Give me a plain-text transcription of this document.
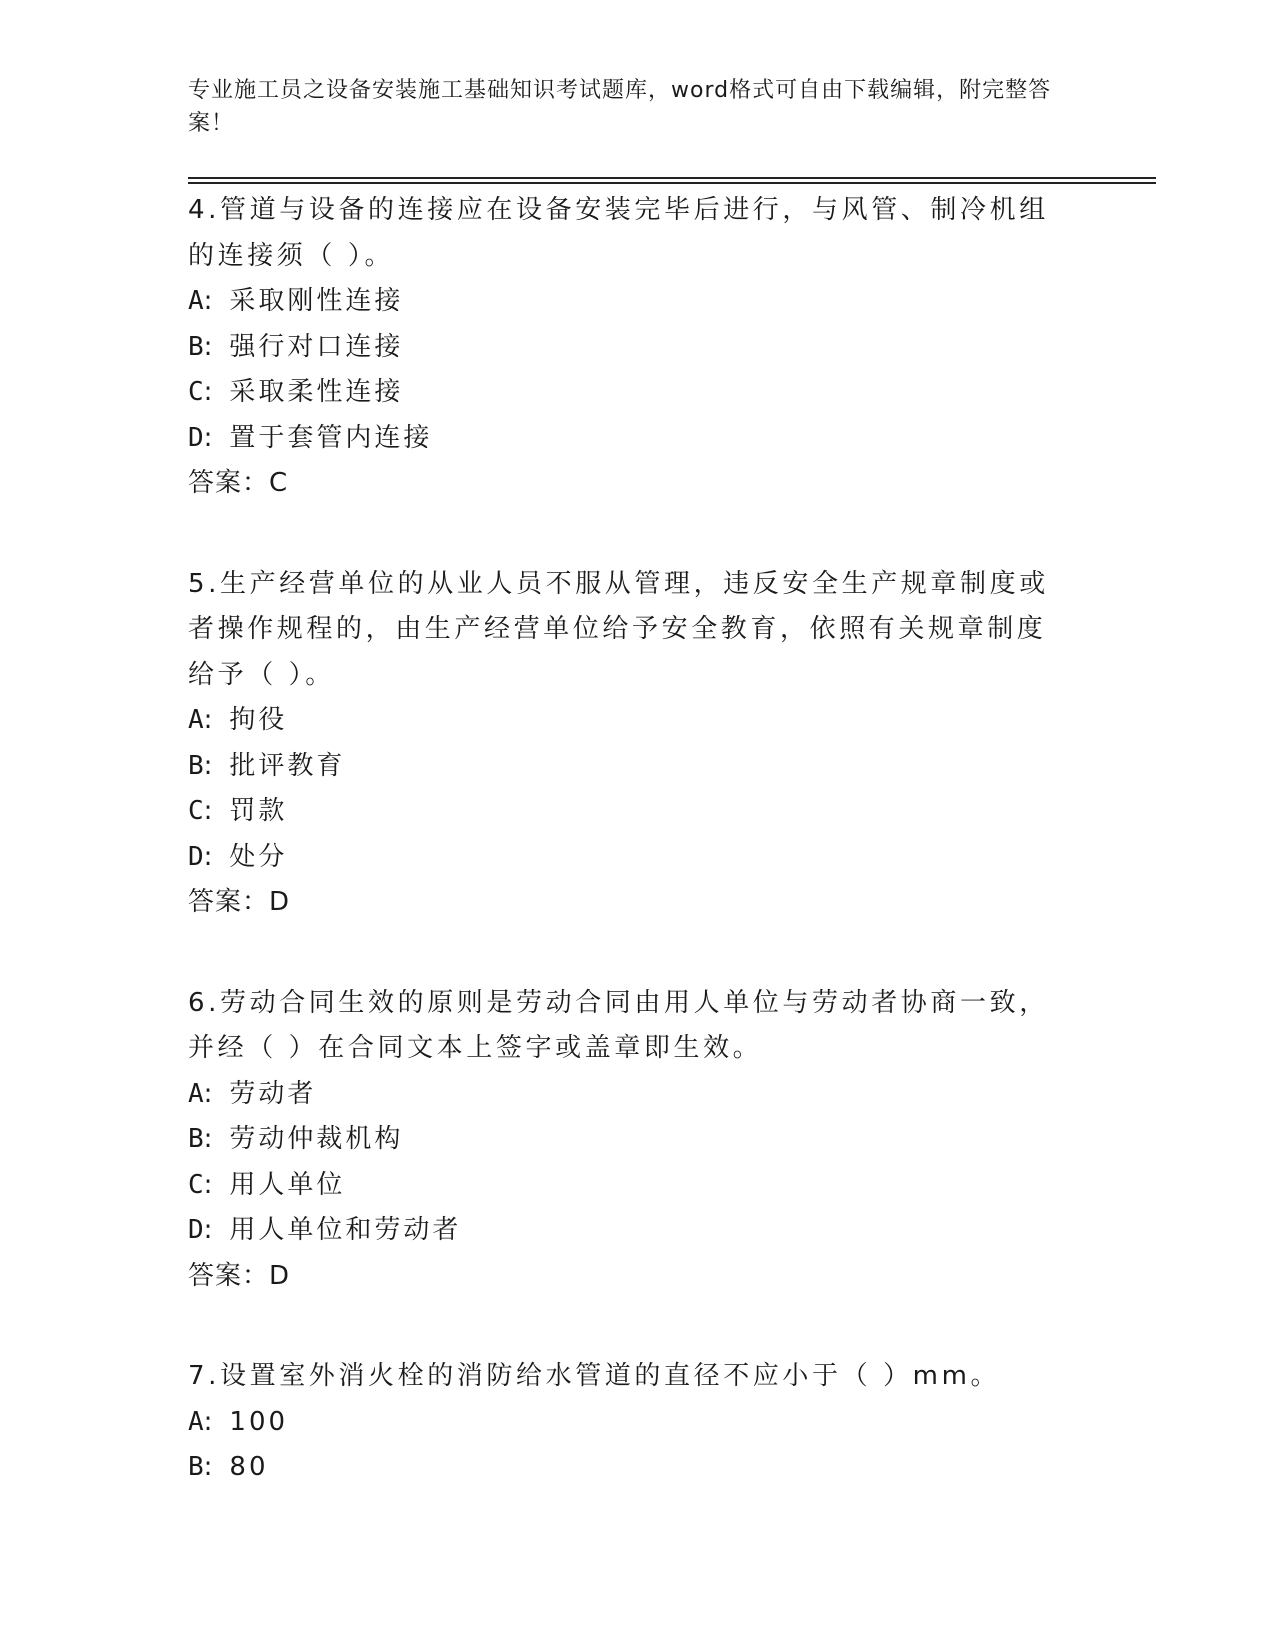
专业施工员之设备安装施工基础知识考试题库，word格式可自由下载编辑，附完整答案！

4.管道与设备的连接应在设备安装完毕后进行，与风管、制冷机组的连接须（ ）。

A: 采取刚性连接

B: 强行对口连接

C: 采取柔性连接

D: 置于套管内连接

答案：C

5.生产经营单位的从业人员不服从管理，违反安全生产规章制度或者操作规程的，由生产经营单位给予安全教育，依照有关规章制度给予（ ）。

A: 拘役

B: 批评教育

C: 罚款

D: 处分

答案：D

6.劳动合同生效的原则是劳动合同由用人单位与劳动者协商一致，并经（ ）在合同文本上签字或盖章即生效。

A: 劳动者

B: 劳动仲裁机构

C: 用人单位

D: 用人单位和劳动者

答案：D

7.设置室外消火栓的消防给水管道的直径不应小于（ ）mm。

A: 100

B: 80
